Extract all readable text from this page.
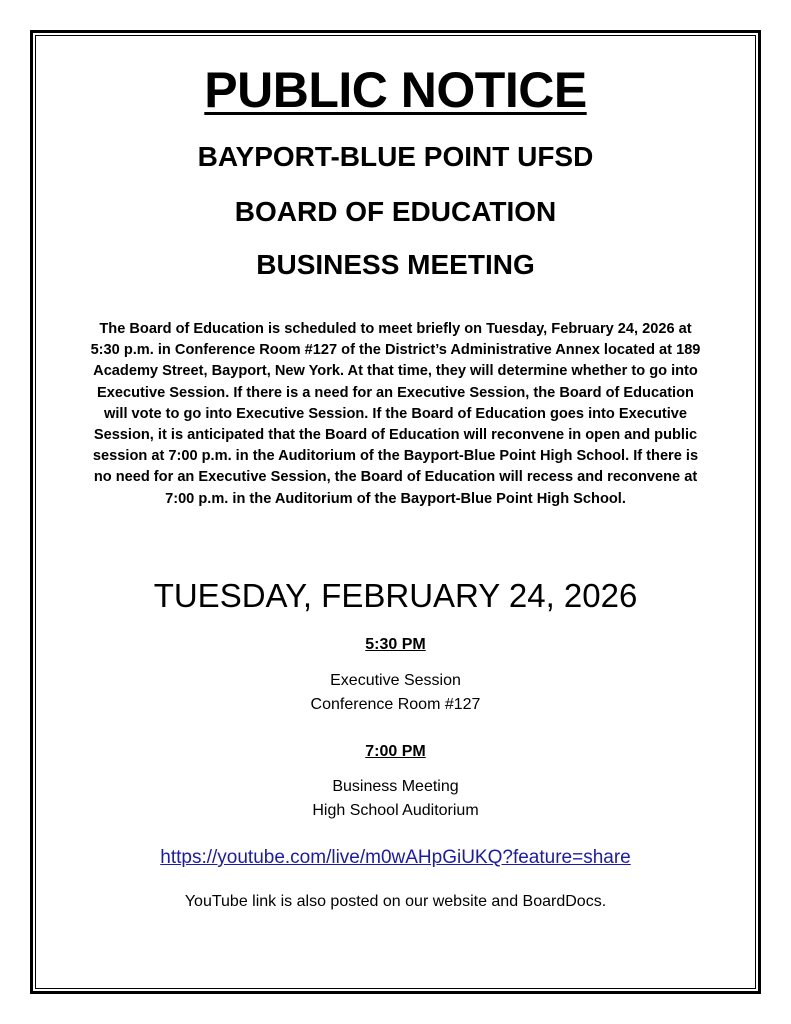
PUBLIC NOTICE
BAYPORT-BLUE POINT UFSD
BOARD OF EDUCATION
BUSINESS MEETING

The Board of Education is scheduled to meet briefly on Tuesday, February 24, 2026 at 5:30 p.m. in Conference Room #127 of the District’s Administrative Annex located at 189 Academy Street, Bayport, New York. At that time, they will determine whether to go into Executive Session. If there is a need for an Executive Session, the Board of Education will vote to go into Executive Session. If the Board of Education goes into Executive Session, it is anticipated that the Board of Education will reconvene in open and public session at 7:00 p.m. in the Auditorium of the Bayport-Blue Point High School. If there is no need for an Executive Session, the Board of Education will recess and reconvene at 7:00 p.m. in the Auditorium of the Bayport-Blue Point High School.

TUESDAY, FEBRUARY 24, 2026

5:30 PM

Executive Session
Conference Room #127

7:00 PM

Business Meeting
High School Auditorium

https://youtube.com/live/m0wAHpGiUKQ?feature=share

YouTube link is also posted on our website and BoardDocs.
